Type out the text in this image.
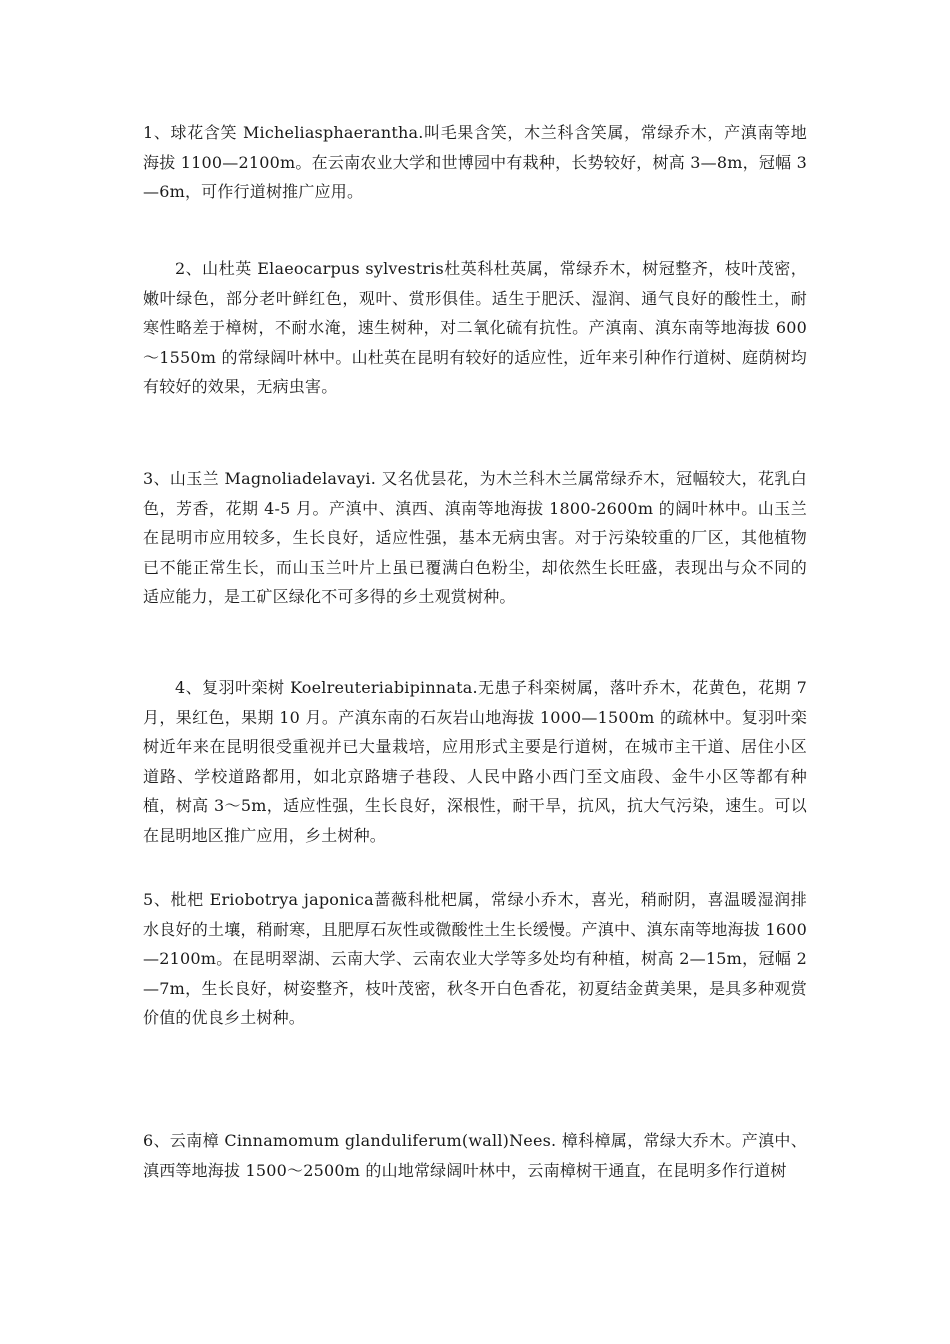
1、球花含笑 Micheliasphaerantha.叫毛果含笑，木兰科含笑属，常绿乔木，产滇南等地海拔 1100—2100m。在云南农业大学和世博园中有栽种，长势较好，树高 3—8m，冠幅 3—6m，可作行道树推广应用。

2、山杜英 Elaeocarpus sylvestris杜英科杜英属，常绿乔木，树冠整齐，枝叶茂密，嫩叶绿色，部分老叶鲜红色，观叶、赏形俱佳。适生于肥沃、湿润、通气良好的酸性土，耐寒性略差于樟树，不耐水淹，速生树种，对二氧化硫有抗性。产滇南、滇东南等地海拔 600～1550m 的常绿阔叶林中。山杜英在昆明有较好的适应性，近年来引种作行道树、庭荫树均有较好的效果，无病虫害。

3、山玉兰 Magnoliadelavayi. 又名优昙花，为木兰科木兰属常绿乔木，冠幅较大，花乳白色，芳香，花期 4-5 月。产滇中、滇西、滇南等地海拔 1800-2600m 的阔叶林中。山玉兰在昆明市应用较多，生长良好，适应性强，基本无病虫害。对于污染较重的厂区，其他植物已不能正常生长，而山玉兰叶片上虽已覆满白色粉尘，却依然生长旺盛，表现出与众不同的适应能力，是工矿区绿化不可多得的乡土观赏树种。

4、复羽叶栾树 Koelreuteriabipinnata.无患子科栾树属，落叶乔木，花黄色，花期 7 月，果红色，果期 10 月。产滇东南的石灰岩山地海拔 1000—1500m 的疏林中。复羽叶栾树近年来在昆明很受重视并已大量栽培，应用形式主要是行道树，在城市主干道、居住小区道路、学校道路都用，如北京路塘子巷段、人民中路小西门至文庙段、金牛小区等都有种植，树高 3～5m，适应性强，生长良好，深根性，耐干旱，抗风，抗大气污染，速生。可以在昆明地区推广应用，乡土树种。

5、枇杷 Eriobotrya japonica蔷薇科枇杷属，常绿小乔木，喜光，稍耐阴，喜温暖湿润排水良好的土壤，稍耐寒，且肥厚石灰性或微酸性土生长缓慢。产滇中、滇东南等地海拔 1600—2100m。在昆明翠湖、云南大学、云南农业大学等多处均有种植，树高 2—15m，冠幅 2—7m，生长良好，树姿整齐，枝叶茂密，秋冬开白色香花，初夏结金黄美果，是具多种观赏价值的优良乡土树种。

6、云南樟 Cinnamomum glanduliferum(wall)Nees. 樟科樟属，常绿大乔木。产滇中、滇西等地海拔 1500～2500m 的山地常绿阔叶林中，云南樟树干通直，在昆明多作行道树
